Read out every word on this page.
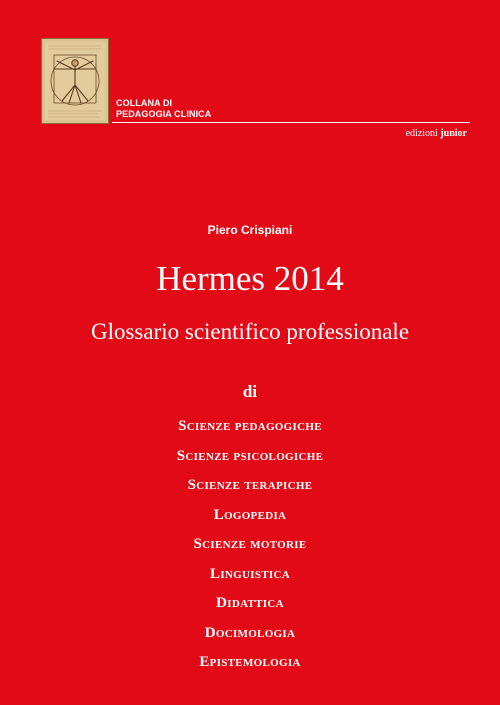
COLLANA DI
PEDAGOGIA CLINICA
edizioni junior
Piero Crispiani
Hermes 2014
Glossario scientifico professionale
di
Scienze pedagogiche
Scienze psicologiche
Scienze terapiche
Logopedia
Scienze motorie
Linguistica
Didattica
Docimologia
Epistemologia
